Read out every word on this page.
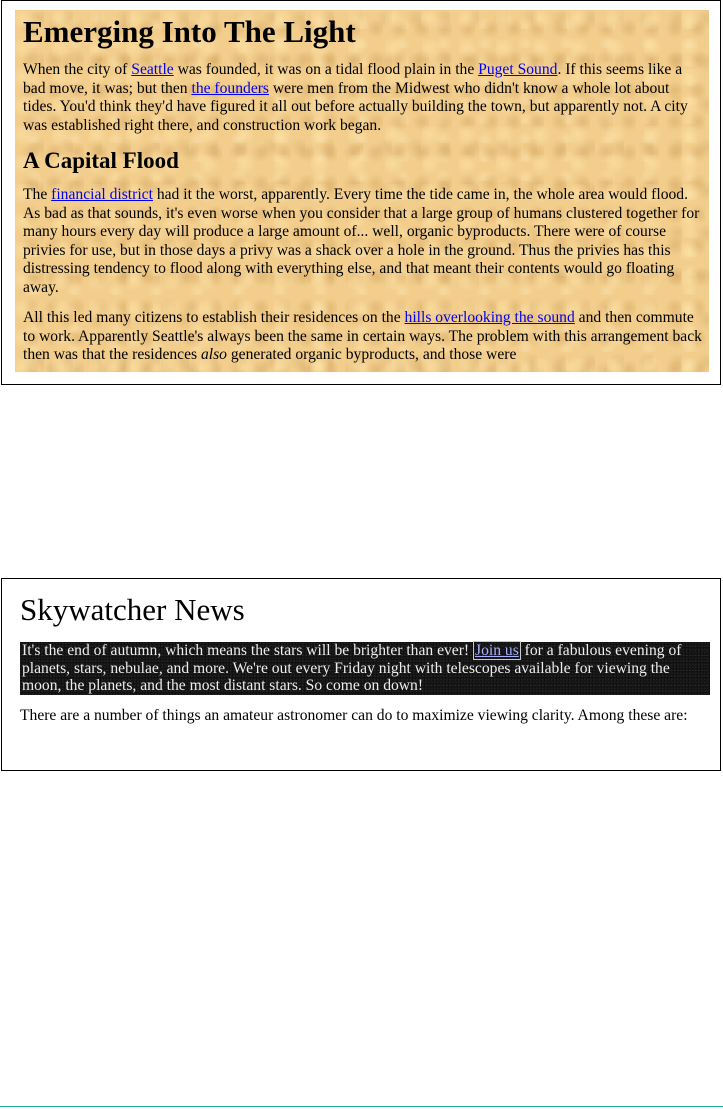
Emerging Into The Light

When the city of Seattle was founded, it was on a tidal flood plain in the Puget Sound. If this seems like a bad move, it was; but then the founders were men from the Midwest who didn't know a whole lot about tides. You'd think they'd have figured it all out before actually building the town, but apparently not. A city was established right there, and construction work began.

A Capital Flood

The financial district had it the worst, apparently. Every time the tide came in, the whole area would flood. As bad as that sounds, it's even worse when you consider that a large group of humans clustered together for many hours every day will produce a large amount of... well, organic byproducts. There were of course privies for use, but in those days a privy was a shack over a hole in the ground. Thus the privies has this distressing tendency to flood along with everything else, and that meant their contents would go floating away.

All this led many citizens to establish their residences on the hills overlooking the sound and then commute to work. Apparently Seattle's always been the same in certain ways. The problem with this arrangement back then was that the residences also generated organic byproducts, and those were

Skywatcher News

It's the end of autumn, which means the stars will be brighter than ever! Join us for a fabulous evening of planets, stars, nebulae, and more. We're out every Friday night with telescopes available for viewing the moon, the planets, and the most distant stars. So come on down!

There are a number of things an amateur astronomer can do to maximize viewing clarity. Among these are:
